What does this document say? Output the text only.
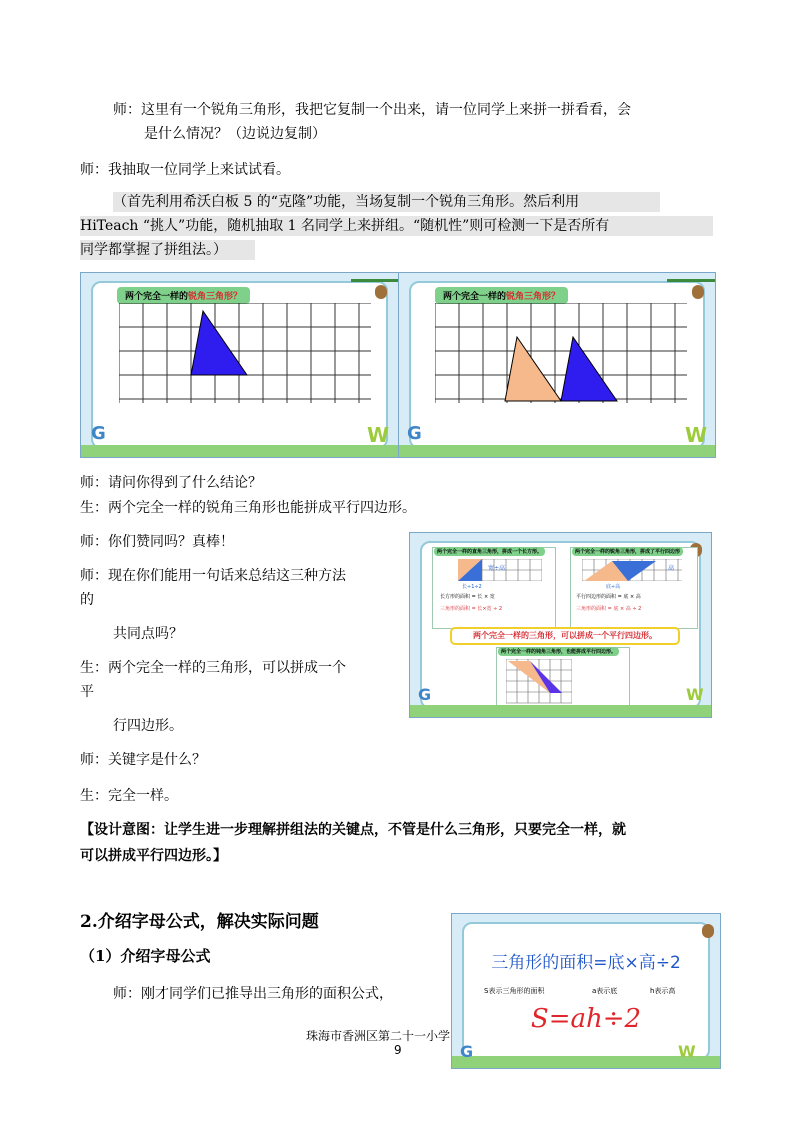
师：这里有一个锐角三角形，我把它复制一个出来，请一位同学上来拼一拼看看，会
是什么情况？（边说边复制）
师：我抽取一位同学上来试试看。
（首先利用希沃白板 5 的“克隆”功能，当场复制一个锐角三角形。然后利用
HiTeach “挑人”功能，随机抽取 1 名同学上来拼组。“随机性”则可检测一下是否所有
同学都掌握了拼组法。）
两个完全一样的锐角三角形？
G	W
两个完全一样的锐角三角形？
G	W
师：请问你得到了什么结论？
生：两个完全一样的锐角三角形也能拼成平行四边形。
师：你们赞同吗？真棒！
师：现在你们能用一句话来总结这三种方法
的
共同点吗？
生：两个完全一样的三角形，可以拼成一个
平
行四边形。
师：关键字是什么？
生：完全一样。
两个完全一样的直角三角形，拼成一个长方形。
宽÷高
长÷1÷2
长方形的面积 = 长 × 宽
三角形的面积 = 长×宽 ÷ 2
两个完全一样的锐角三角形，拼成了平行四边形
高
底÷高
平行四边形的面积 = 底 × 高
三角形的面积 = 底 × 高 ÷ 2
两个完全一样的三角形，可以拼成一个平行四边形。
两个完全一样的钝角三角形，也能拼成平行四边形。
G	W
【设计意图：让学生进一步理解拼组法的关键点，不管是什么三角形，只要完全一样，就
可以拼成平行四边形。】
2.介绍字母公式，解决实际问题
（1）介绍字母公式
师：刚才同学们已推导出三角形的面积公式，
三角形的面积=底×高÷2
S表示三角形的面积	a表示底	h表示高
S=ah÷2
G	W
珠海市香洲区第二十一小学
9
